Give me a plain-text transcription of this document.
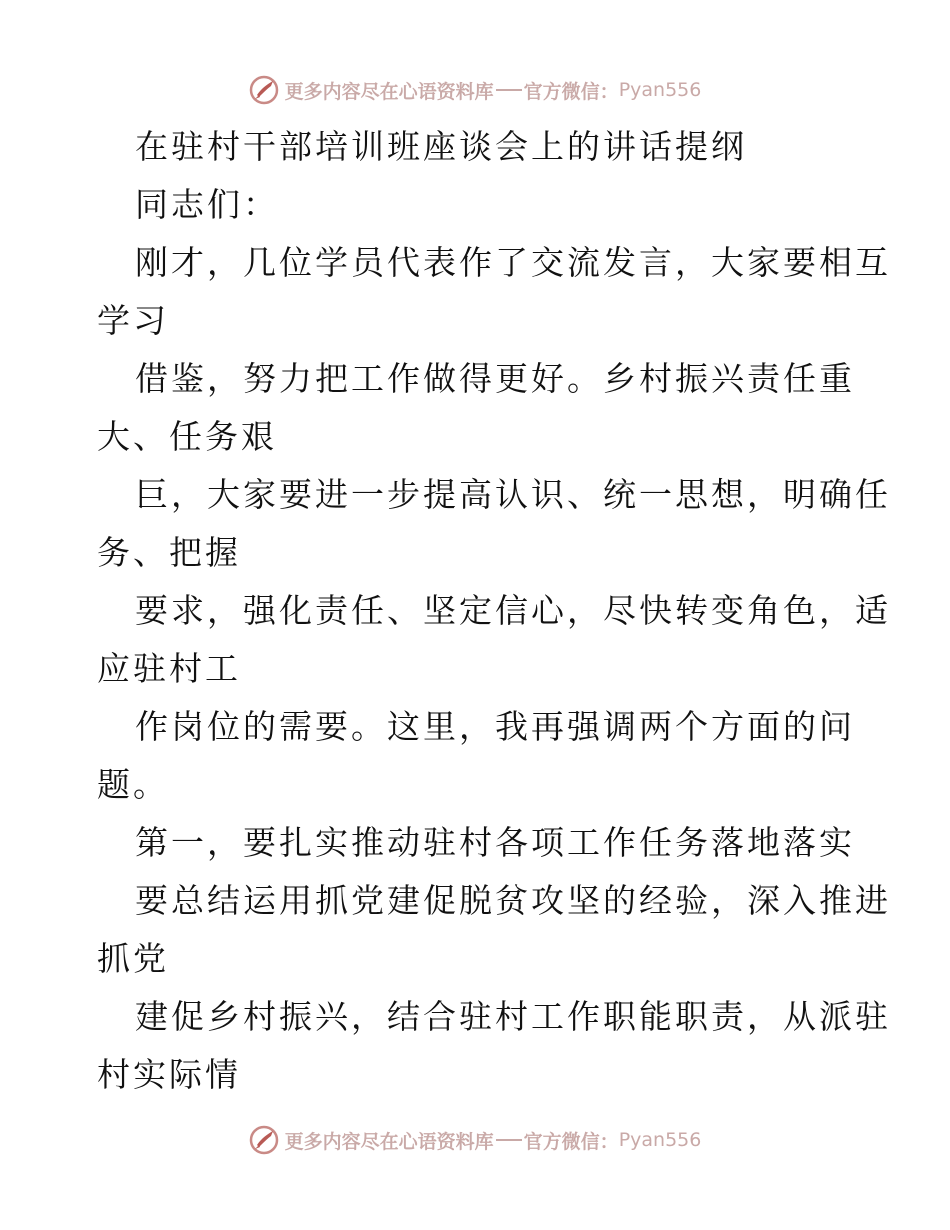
更多内容尽在心语资料库 官方微信： Pyan556
在驻村干部培训班座谈会上的讲话提纲
同志们：
刚才，几位学员代表作了交流发言，大家要相互
学习
借鉴，努力把工作做得更好。乡村振兴责任重
大、任务艰
巨，大家要进一步提高认识、统一思想，明确任
务、把握
要求，强化责任、坚定信心，尽快转变角色，适
应驻村工
作岗位的需要。这里，我再强调两个方面的问
题。
第一，要扎实推动驻村各项工作任务落地落实
要总结运用抓党建促脱贫攻坚的经验，深入推进
抓党
建促乡村振兴，结合驻村工作职能职责，从派驻
村实际情
更多内容尽在心语资料库 官方微信： Pyan556
